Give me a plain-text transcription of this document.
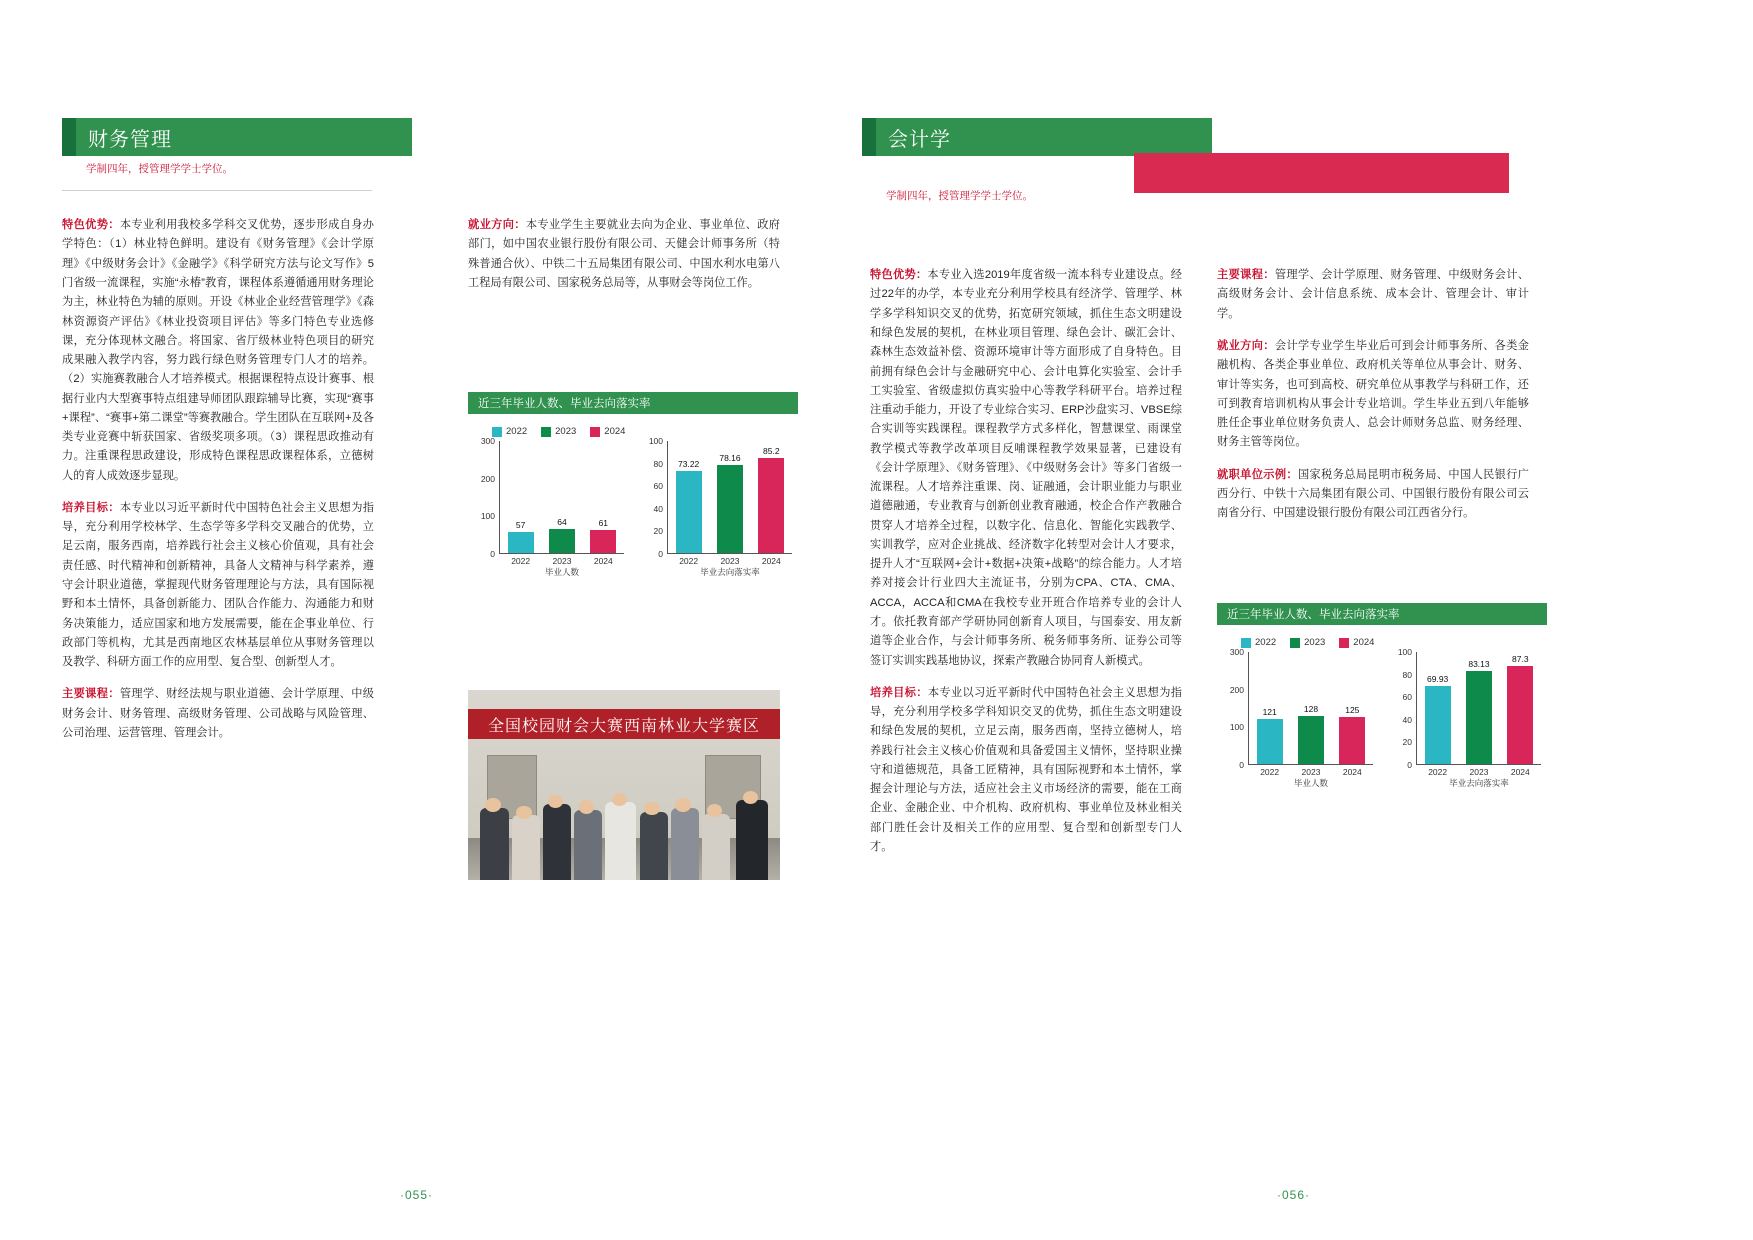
财务管理
学制四年，授管理学学士学位。

特色优势：本专业利用我校多学科交叉优势，逐步形成自身办学特色：（1）林业特色鲜明。建设有《财务管理》《会计学原理》《中级财务会计》《金融学》《科学研究方法与论文写作》5门省级一流课程，实施“永椿”教育，课程体系遵循通用财务理论为主，林业特色为辅的原则。开设《林业企业经营管理学》《森林资源资产评估》《林业投资项目评估》等多门特色专业选修课，充分体现林文融合。将国家、省厅级林业特色项目的研究成果融入教学内容，努力践行绿色财务管理专门人才的培养。（2）实施赛教融合人才培养模式。根据课程特点设计赛事、根据行业内大型赛事特点组建导师团队跟踪辅导比赛，实现“赛事+课程”、“赛事+第二课堂”等赛教融合。学生团队在互联网+及各类专业竞赛中斩获国家、省级奖项多项。（3）课程思政推动有力。注重课程思政建设，形成特色课程思政课程体系，立德树人的育人成效逐步显现。

培养目标：本专业以习近平新时代中国特色社会主义思想为指导，充分利用学校林学、生态学等多学科交叉融合的优势，立足云南，服务西南，培养践行社会主义核心价值观，具有社会责任感、时代精神和创新精神，具备人文精神与科学素养，遵守会计职业道德，掌握现代财务管理理论与方法，具有国际视野和本土情怀，具备创新能力、团队合作能力、沟通能力和财务决策能力，适应国家和地方发展需要，能在企事业单位、行政部门等机构，尤其是西南地区农林基层单位从事财务管理以及教学、科研方面工作的应用型、复合型、创新型人才。

主要课程：管理学、财经法规与职业道德、会计学原理、中级财务会计、财务管理、高级财务管理、公司战略与风险管理、公司治理、运营管理、管理会计。

就业方向：本专业学生主要就业去向为企业、事业单位、政府部门，如中国农业银行股份有限公司、天健会计师事务所（特殊普通合伙）、中铁二十五局集团有限公司、中国水利水电第八工程局有限公司、国家税务总局等，从事财会等岗位工作。

近三年毕业人数、毕业去向落实率
2022	2023	2024
0
100
200
300
57	64	61
2022	2023	2024
毕业人数
0
20
40
60
80
100
73.22
78.16
85.2
2022	2023	2024
毕业去向落实率
全国校园财会大赛西南林业大学赛区
·055·
会计学
学制四年，授管理学学士学位。

特色优势：本专业入选2019年度省级一流本科专业建设点。经过22年的办学，本专业充分利用学校具有经济学、管理学、林学多学科知识交叉的优势，拓宽研究领域，抓住生态文明建设和绿色发展的契机，在林业项目管理、绿色会计、碳汇会计、森林生态效益补偿、资源环境审计等方面形成了自身特色。目前拥有绿色会计与金融研究中心、会计电算化实验室、会计手工实验室、省级虚拟仿真实验中心等教学科研平台。培养过程注重动手能力，开设了专业综合实习、ERP沙盘实习、VBSE综合实训等实践课程。课程教学方式多样化，智慧课堂、雨课堂教学模式等教学改革项目反哺课程教学效果显著，已建设有《会计学原理》、《财务管理》、《中级财务会计》等多门省级一流课程。人才培养注重课、岗、证融通，会计职业能力与职业道德融通，专业教育与创新创业教育融通，校企合作产教融合贯穿人才培养全过程，以数字化、信息化、智能化实践教学、实训教学，应对企业挑战、经济数字化转型对会计人才要求，提升人才“互联网+会计+数据+决策+战略”的综合能力。人才培养对接会计行业四大主流证书，分别为CPA、CTA、CMA、ACCA，ACCA和CMA在我校专业开班合作培养专业的会计人才。依托教育部产学研协同创新育人项目，与国泰安、用友新道等企业合作，与会计师事务所、税务师事务所、证券公司等签订实训实践基地协议，探索产教融合协同育人新模式。

培养目标：本专业以习近平新时代中国特色社会主义思想为指导，充分利用学校多学科知识交叉的优势，抓住生态文明建设和绿色发展的契机，立足云南，服务西南，坚持立德树人，培养践行社会主义核心价值观和具备爱国主义情怀，坚持职业操守和道德规范，具备工匠精神，具有国际视野和本土情怀，掌握会计理论与方法，适应社会主义市场经济的需要，能在工商企业、金融企业、中介机构、政府机构、事业单位及林业相关部门胜任会计及相关工作的应用型、复合型和创新型专门人才。

主要课程：管理学、会计学原理、财务管理、中级财务会计、高级财务会计、会计信息系统、成本会计、管理会计、审计学。

就业方向：会计学专业学生毕业后可到会计师事务所、各类金融机构、各类企事业单位、政府机关等单位从事会计、财务、审计等实务，也可到高校、研究单位从事教学与科研工作，还可到教育培训机构从事会计专业培训。学生毕业五到八年能够胜任企事业单位财务负责人、总会计师财务总监、财务经理、财务主管等岗位。

就职单位示例：国家税务总局昆明市税务局、中国人民银行广西分行、中铁十六局集团有限公司、中国银行股份有限公司云南省分行、中国建设银行股份有限公司江西省分行。

近三年毕业人数、毕业去向落实率
2022	2023	2024
0
100
200
300
121	128	125
2022	2023	2024
毕业人数
0
20
40
60
80
100
69.93
83.13	87.3
2022	2023	2024
毕业去向落实率
·056·
